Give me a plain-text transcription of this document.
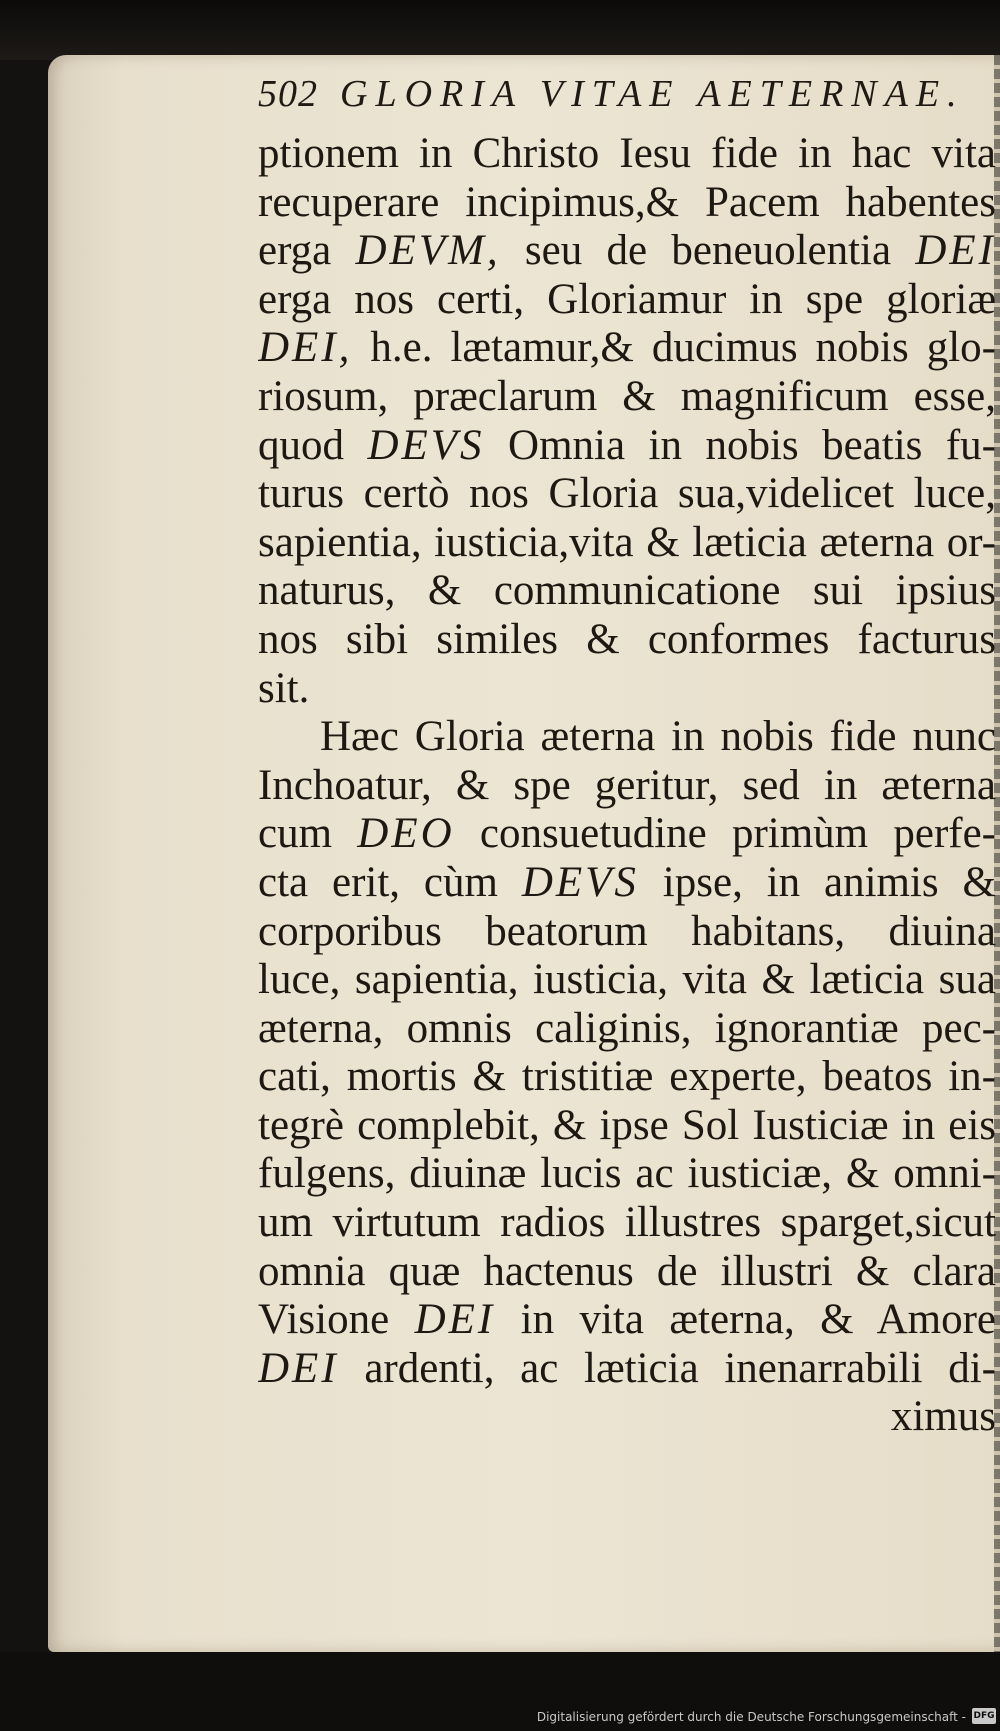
502 GLORIA VITAE AETERNAE.
ptionem in Christo Iesu fide in hac vita
recuperare incipimus,& Pacem habentes
erga DEVM, seu de beneuolentia DEI
erga nos certi, Gloriamur in spe gloriæ
DEI, h.e. lætamur,& ducimus nobis glo-
riosum, præclarum & magnificum esse,
quod DEVS Omnia in nobis beatis fu-
turus certò nos Gloria sua,videlicet luce,
sapientia, iusticia,vita & læticia æterna or-
naturus, & communicatione sui ipsius
nos sibi similes & conformes facturus
sit.
Hæc Gloria æterna in nobis fide nunc
Inchoatur, & spe geritur, sed in æterna
cum DEO consuetudine primùm perfe-
cta erit, cùm DEVS ipse, in animis &
corporibus beatorum habitans, diuina
luce, sapientia, iusticia, vita & læticia sua
æterna, omnis caliginis, ignorantiæ pec-
cati, mortis & tristitiæ experte, beatos in-
tegrè complebit, & ipse Sol Iusticiæ in eis
fulgens, diuinæ lucis ac iusticiæ, & omni-
um virtutum radios illustres sparget,sicut
omnia quæ hactenus de illustri & clara
Visione DEI in vita æterna, & Amore
DEI ardenti, ac læticia inenarrabili di-
ximus
Digitalisierung gefördert durch die Deutsche Forschungsgemeinschaft - DFG
